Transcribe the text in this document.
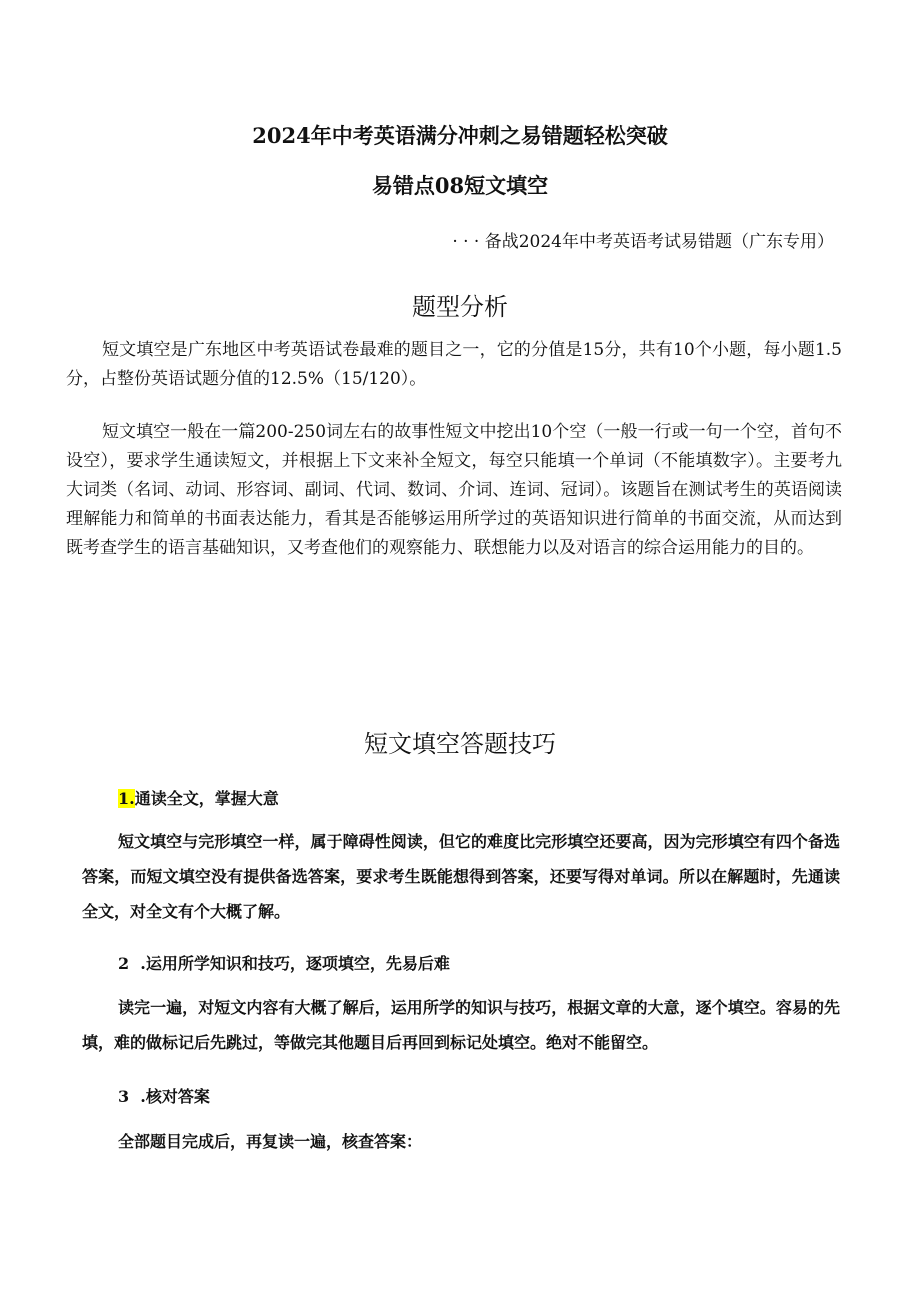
2024年中考英语满分冲刺之易错题轻松突破
易错点08短文填空
· · · 备战2024年中考英语考试易错题（广东专用）
题型分析

短文填空是广东地区中考英语试卷最难的题目之一，它的分值是15分，共有10个小题，每小题1.5分，占整份英语试题分值的12.5%（15/120）。

短文填空一般在一篇200-250词左右的故事性短文中挖出10个空（一般一行或一句一个空，首句不设空），要求学生通读短文，并根据上下文来补全短文，每空只能填一个单词（不能填数字）。主要考九大词类（名词、动词、形容词、副词、代词、数词、介词、连词、冠词）。该题旨在测试考生的英语阅读理解能力和简单的书面表达能力，看其是否能够运用所学过的英语知识进行简单的书面交流，从而达到既考查学生的语言基础知识，又考查他们的观察能力、联想能力以及对语言的综合运用能力的目的。

短文填空答题技巧
1.通读全文，掌握大意

短文填空与完形填空一样，属于障碍性阅读，但它的难度比完形填空还要高，因为完形填空有四个备选答案，而短文填空没有提供备选答案，要求考生既能想得到答案，还要写得对单词。所以在解题时，先通读全文，对全文有个大概了解。

2 .运用所学知识和技巧，逐项填空，先易后难

读完一遍，对短文内容有大概了解后，运用所学的知识与技巧，根据文章的大意，逐个填空。容易的先填，难的做标记后先跳过，等做完其他题目后再回到标记处填空。绝对不能留空。

3 .核对答案

全部题目完成后，再复读一遍，核查答案：
